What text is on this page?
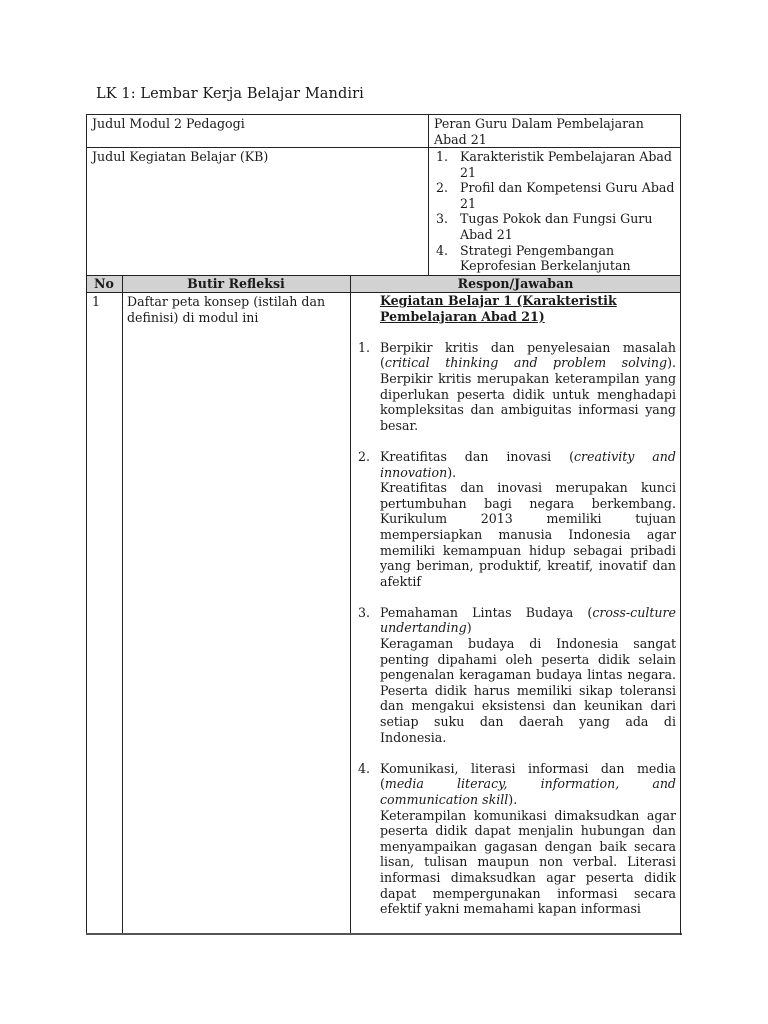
LK 1: Lembar Kerja Belajar Mandiri
Judul Modul 2 Pedagogi	Peran Guru Dalam Pembelajaran Abad 21
Judul Kegiatan Belajar (KB)	1. Karakteristik Pembelajaran Abad 21
2. Profil dan Kompetensi Guru Abad 21
3. Tugas Pokok dan Fungsi Guru Abad 21
4. Strategi Pengembangan Keprofesian Berkelanjutan
No	Butir Refleksi	Respon/Jawaban
1	Daftar peta konsep (istilah dan definisi) di modul ini
Kegiatan Belajar 1 (Karakteristik Pembelajaran Abad 21)
1. Berpikir kritis dan penyelesaian masalah (critical thinking and problem solving). Berpikir kritis merupakan keterampilan yang diperlukan peserta didik untuk menghadapi kompleksitas dan ambiguitas informasi yang besar.
2. Kreatifitas dan inovasi (creativity and innovation).
Kreatifitas dan inovasi merupakan kunci pertumbuhan bagi negara berkembang. Kurikulum 2013 memiliki tujuan mempersiapkan manusia Indonesia agar memiliki kemampuan hidup sebagai pribadi yang beriman, produktif, kreatif, inovatif dan afektif
3. Pemahaman Lintas Budaya (cross-culture undertanding)
Keragaman budaya di Indonesia sangat penting dipahami oleh peserta didik selain pengenalan keragaman budaya lintas negara. Peserta didik harus memiliki sikap toleransi dan mengakui eksistensi dan keunikan dari setiap suku dan daerah yang ada di Indonesia.
4. Komunikasi, literasi informasi dan media (media literacy, information, and communication skill).
Keterampilan komunikasi dimaksudkan agar peserta didik dapat menjalin hubungan dan menyampaikan gagasan dengan baik secara lisan, tulisan maupun non verbal. Literasi informasi dimaksudkan agar peserta didik dapat mempergunakan informasi secara efektif yakni memahami kapan informasi
